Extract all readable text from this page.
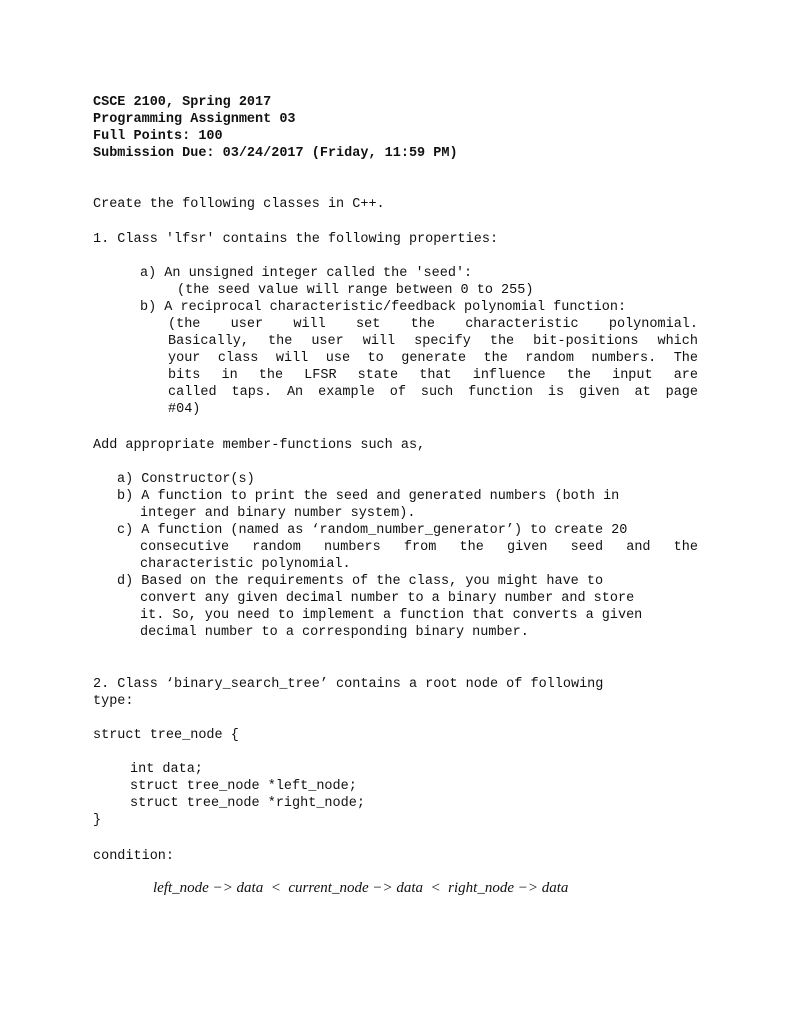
CSCE 2100, Spring 2017
Programming Assignment 03
Full Points: 100
Submission Due: 03/24/2017 (Friday, 11:59 PM)
Create the following classes in C++.
1. Class 'lfsr' contains the following properties:
a) An unsigned integer called the 'seed':
(the seed value will range between 0 to 255)
b) A reciprocal characteristic/feedback polynomial function:
(the user will set the characteristic polynomial.
Basically, the user will specify the bit-positions which
your class will use to generate the random numbers. The
bits in the LFSR state that influence the input are
called taps. An example of such function is given at page
#04)
Add appropriate member-functions such as,
a) Constructor(s)
b) A function to print the seed and generated numbers (both in
integer and binary number system).
c) A function (named as ‘random_number_generator’) to create 20
consecutive random numbers from the given seed and the
characteristic polynomial.
d) Based on the requirements of the class, you might have to
convert any given decimal number to a binary number and store
it. So, you need to implement a function that converts a given
decimal number to a corresponding binary number.
2. Class ‘binary_search_tree’ contains a root node of following
type:
struct tree_node {
int data;
struct tree_node *left_node;
struct tree_node *right_node;
}
condition:
left_node −> data  <  current_node −> data  <  right_node −> data
